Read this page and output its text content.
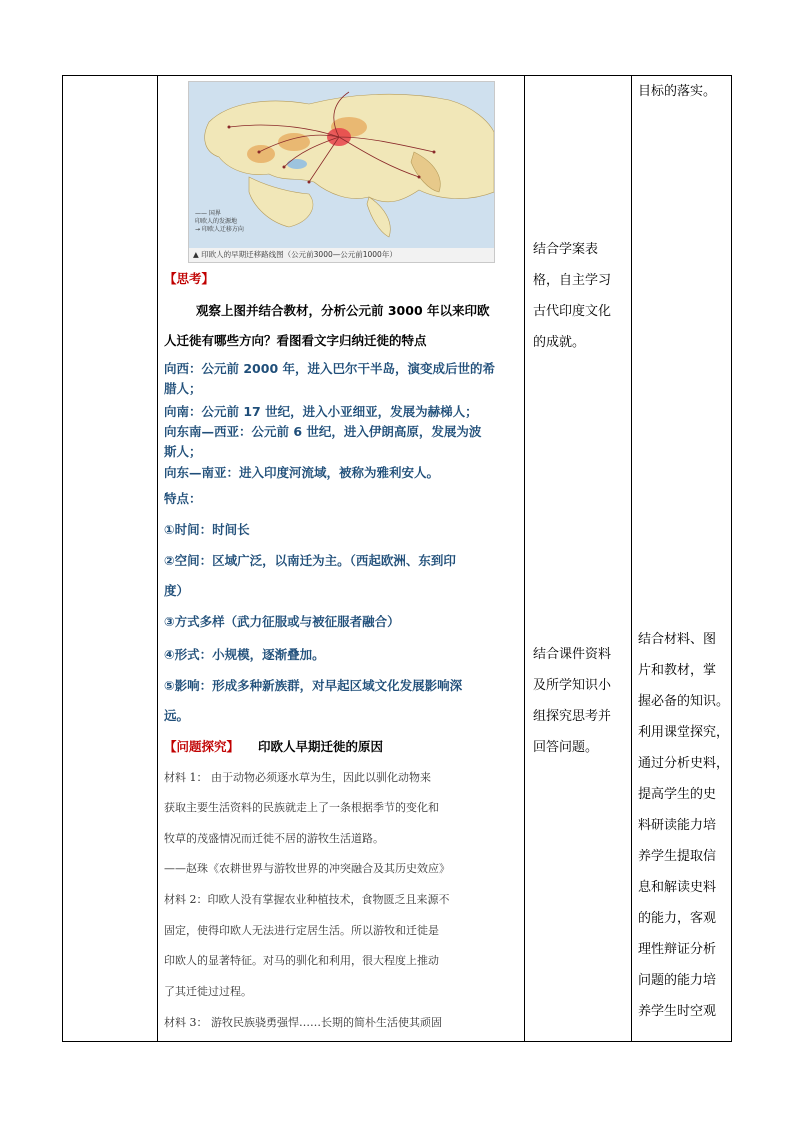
—— 国界
印欧人的发源地
→ 印欧人迁移方向
▲ 印欧人的早期迁移路线图（公元前3000—公元前1000年）
【思考】
观察上图并结合教材，分析公元前 3000 年以来印欧
人迁徙有哪些方向？看图看文字归纳迁徙的特点
向西：公元前 2000 年，进入巴尔干半岛，演变成后世的希
腊人；
向南：公元前 17 世纪，进入小亚细亚，发展为赫梯人；
向东南—西亚：公元前 6 世纪，进入伊朗高原，发展为波
斯人；
向东—南亚：进入印度河流域，被称为雅利安人。
特点：
①时间：时间长
②空间：区域广泛，以南迁为主。（西起欧洲、东到印
度）
③方式多样（武力征服或与被征服者融合）
④形式：小规模，逐渐叠加。
⑤影响：形成多种新族群，对早起区域文化发展影响深
远。
【问题探究】 印欧人早期迁徙的原因
材料 1： 由于动物必须逐水草为生，因此以驯化动物来
获取主要生活资料的民族就走上了一条根据季节的变化和
牧草的茂盛情况而迁徙不居的游牧生活道路。
——赵珠《农耕世界与游牧世界的冲突融合及其历史效应》
材料 2：印欧人没有掌握农业种植技术，食物匮乏且来源不
固定，使得印欧人无法进行定居生活。所以游牧和迁徙是
印欧人的显著特征。对马的驯化和利用，很大程度上推动
了其迁徙过过程。
材料 3： 游牧民族骁勇强悍……长期的简朴生活使其顽固
结合学案表
格，自主学习
古代印度文化
的成就。
结合课件资料
及所学知识小
组探究思考并
回答问题。
目标的落实。
结合材料、图
片和教材，掌
握必备的知识。
利用课堂探究，
通过分析史料，
提高学生的史
料研读能力培
养学生提取信
息和解读史料
的能力，客观
理性辩证分析
问题的能力培
养学生时空观
